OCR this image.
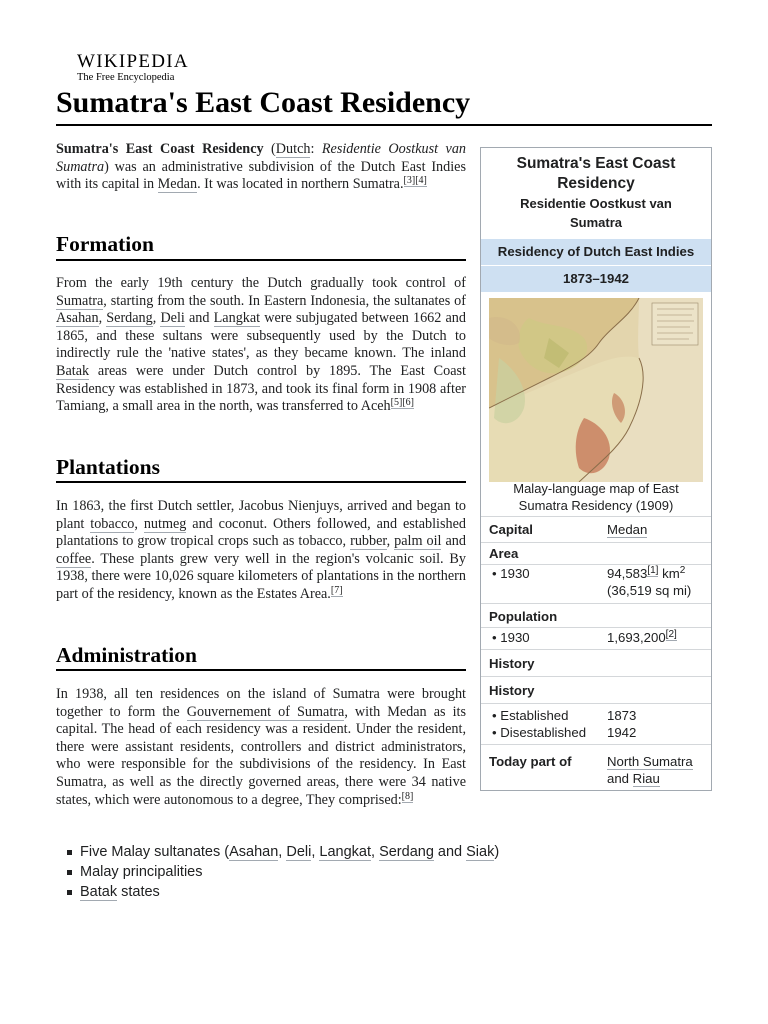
WIKIPEDIA
The Free Encyclopedia
Sumatra's East Coast Residency

Sumatra's East Coast Residency (Dutch: Residentie Oostkust van Sumatra) was an administrative subdivision of the Dutch East Indies with its capital in Medan. It was located in northern Sumatra.[3][4]

Formation

From the early 19th century the Dutch gradually took control of Sumatra, starting from the south. In Eastern Indonesia, the sultanates of Asahan, Serdang, Deli and Langkat were subjugated between 1662 and 1865, and these sultans were subsequently used by the Dutch to indirectly rule the 'native states', as they became known. The inland Batak areas were under Dutch control by 1895. The East Coast Residency was established in 1873, and took its final form in 1908 after Tamiang, a small area in the north, was transferred to Aceh[5][6]

Plantations

In 1863, the first Dutch settler, Jacobus Nienjuys, arrived and began to plant tobacco, nutmeg and coconut. Others followed, and established plantations to grow tropical crops such as tobacco, rubber, palm oil and coffee. These plants grew very well in the region's volcanic soil. By 1938, there were 10,026 square kilometers of plantations in the northern part of the residency, known as the Estates Area.[7]

Administration

In 1938, all ten residences on the island of Sumatra were brought together to form the Gouvernement of Sumatra, with Medan as its capital. The head of each residency was a resident. Under the resident, there were assistant residents, controllers and district administrators, who were responsible for the subdivisions of the residency. In East Sumatra, as well as the directly governed areas, there were 34 native states, which were autonomous to a degree, They comprised:[8]

Five Malay sultanates (Asahan, Deli, Langkat, Serdang and Siak)
Malay principalities
Batak states
Sumatra's East Coast
Residency
Residentie Oostkust van
Sumatra
Residency of Dutch East Indies
1873–1942
Malay-language map of East
Sumatra Residency (1909)
Capital	Medan
Area
• 1930	94,583[1] $km^2$
(36,519 sq mi)
Population
• 1930	1,693,200[2]
History
History
• Established	1873
• Disestablished 1942
Today part of	North Sumatra
and Riau
